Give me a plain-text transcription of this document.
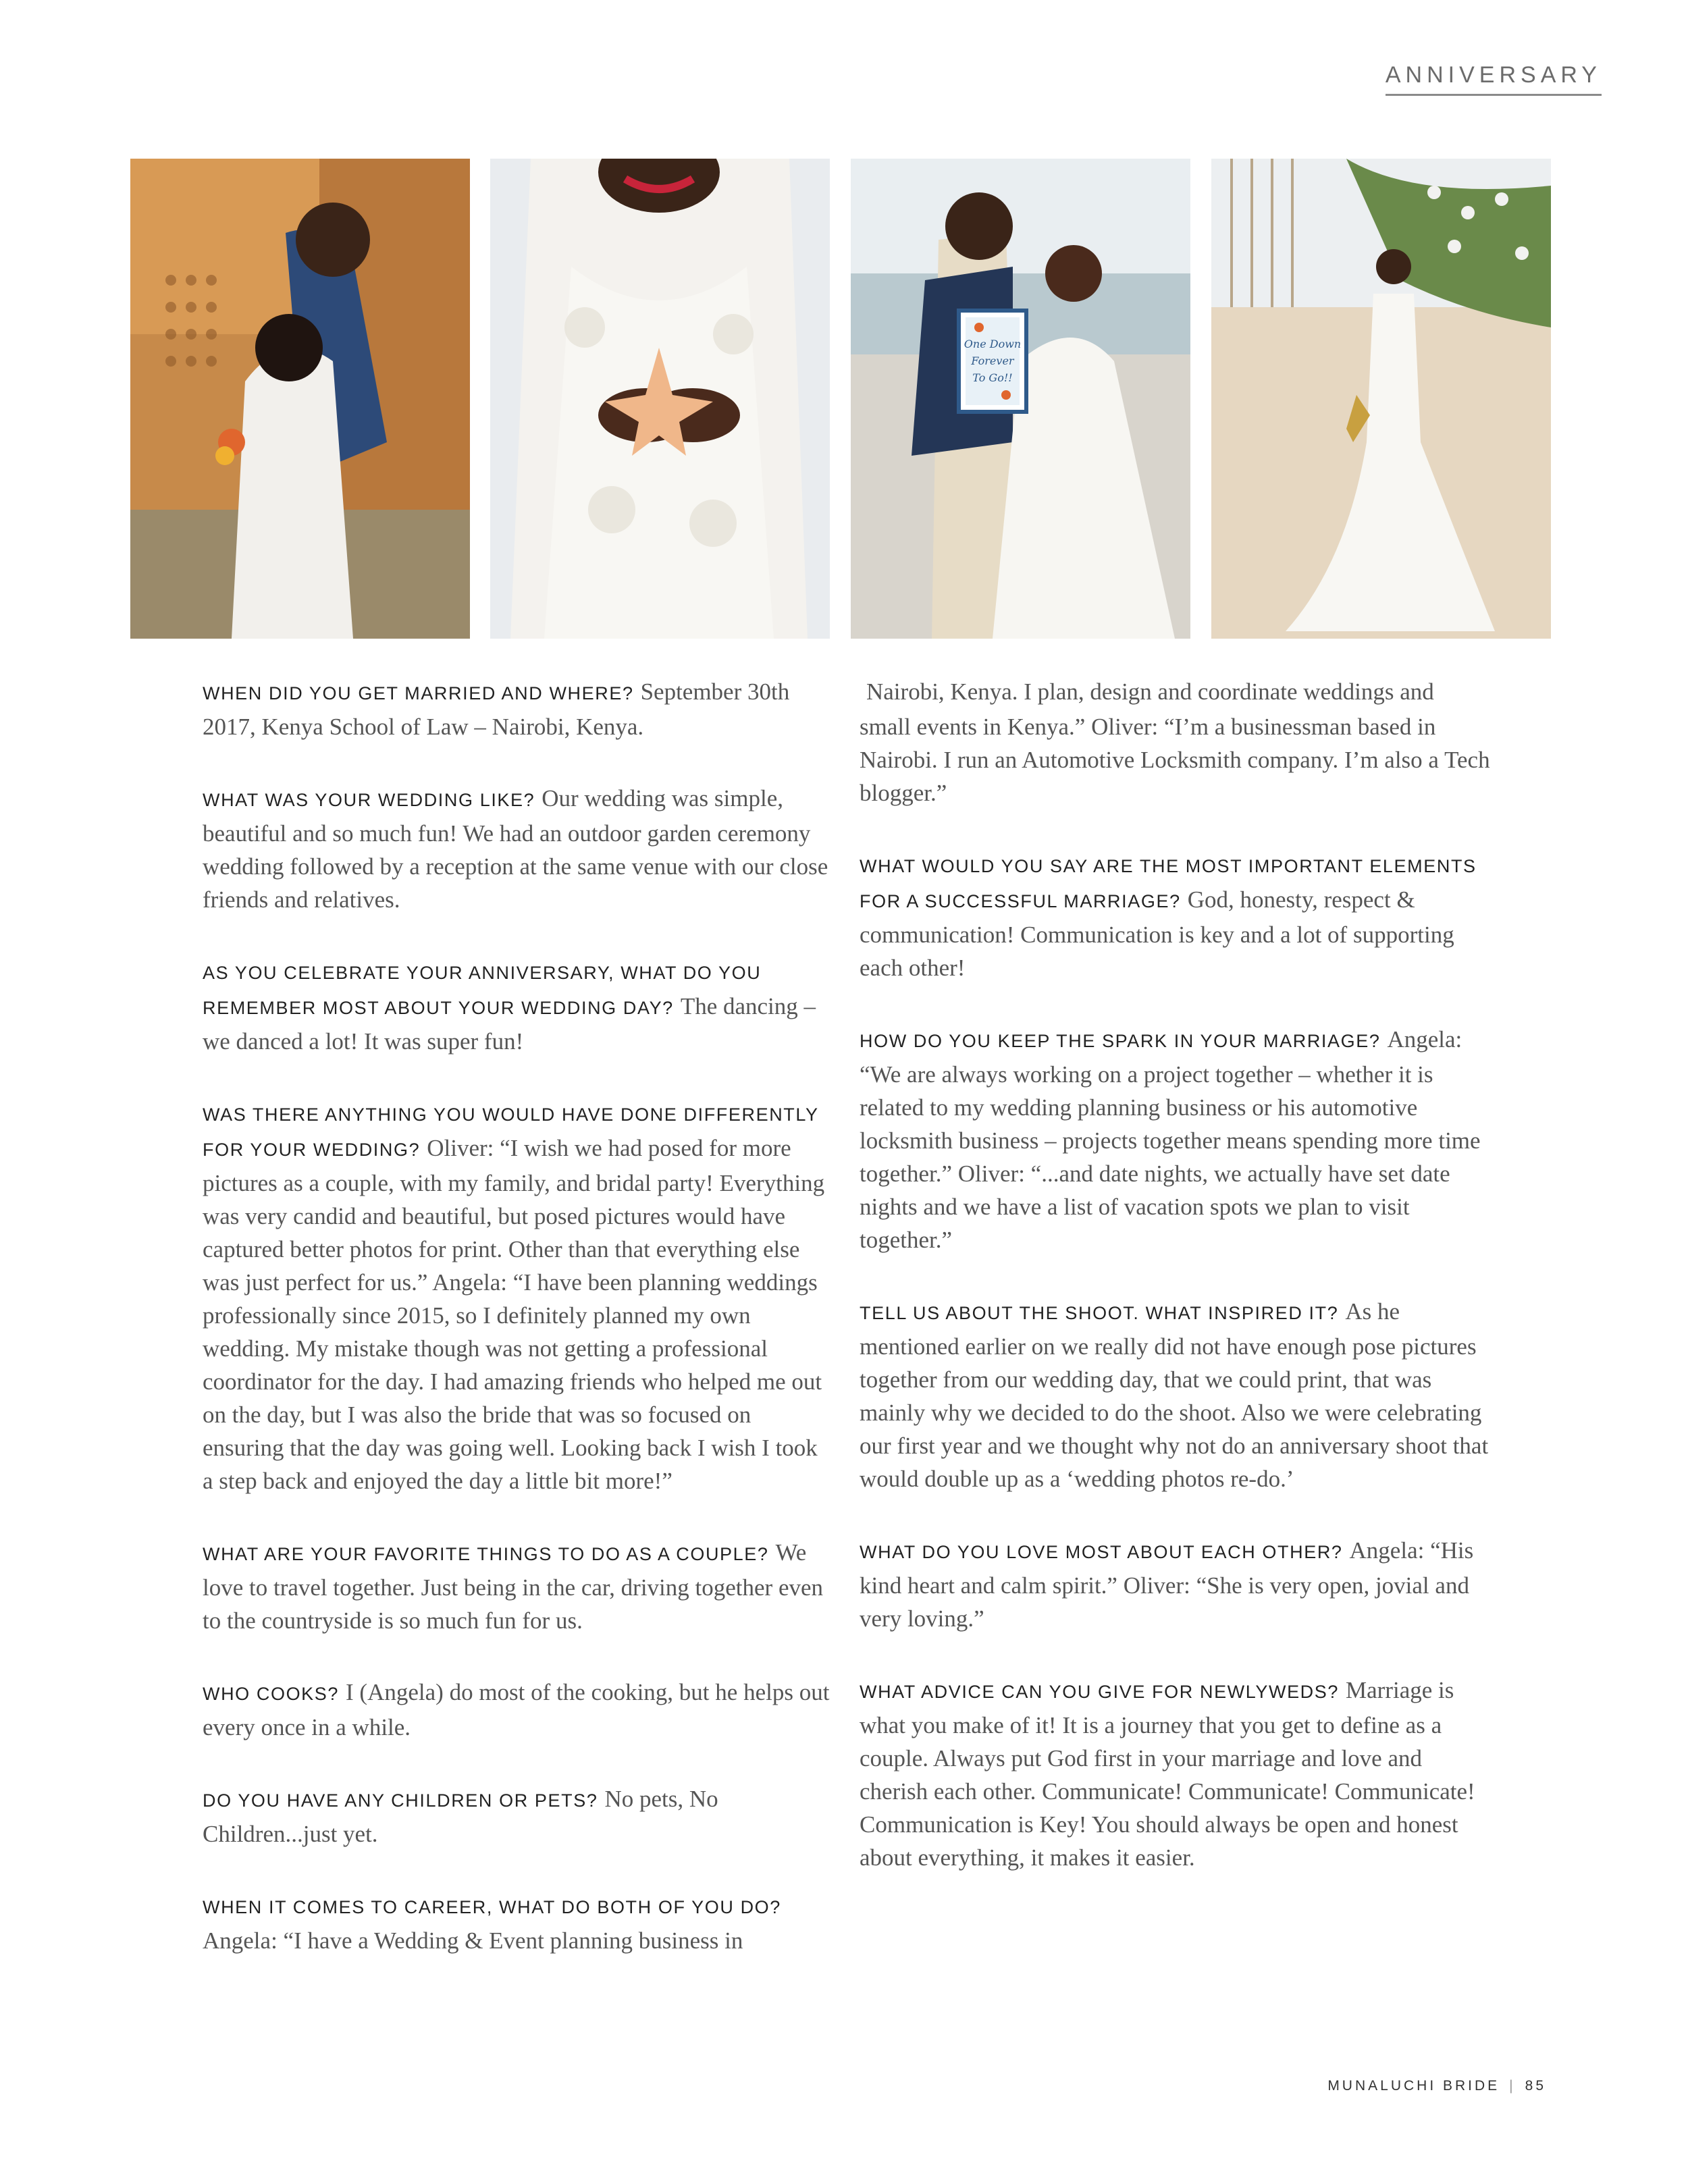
ANNIVERSARY
One Down
Forever
To Go!!

WHEN DID YOU GET MARRIED AND WHERE? September 30th 2017, Kenya School of Law – Nairobi, Kenya.

WHAT WAS YOUR WEDDING LIKE? Our wedding was simple, beautiful and so much fun! We had an outdoor garden ceremony wedding followed by a reception at the same venue with our close friends and relatives.

AS YOU CELEBRATE YOUR ANNIVERSARY, WHAT DO YOU REMEMBER MOST ABOUT YOUR WEDDING DAY? The dancing – we danced a lot! It was super fun!

WAS THERE ANYTHING YOU WOULD HAVE DONE DIFFERENTLY FOR YOUR WEDDING? Oliver: “I wish we had posed for more pictures as a couple, with my family, and bridal party! Everything was very candid and beautiful, but posed pictures would have captured better photos for print. Other than that everything else was just perfect for us.” Angela: “I have been planning weddings professionally since 2015, so I definitely planned my own wedding. My mistake though was not getting a professional coordinator for the day. I had amazing friends who helped me out on the day, but I was also the bride that was so focused on ensuring that the day was going well. Looking back I wish I took a step back and enjoyed the day a little bit more!”

WHAT ARE YOUR FAVORITE THINGS TO DO AS A COUPLE? We love to travel together. Just being in the car, driving together even to the countryside is so much fun for us.

WHO COOKS? I (Angela) do most of the cooking, but he helps out every once in a while.

DO YOU HAVE ANY CHILDREN OR PETS? No pets, No Children...just yet.

WHEN IT COMES TO CAREER, WHAT DO BOTH OF YOU DO?Angela: “I have a Wedding & Event planning business in

Nairobi, Kenya. I plan, design and coordinate weddings and small events in Kenya.” Oliver: “I’m a businessman based in Nairobi. I run an Automotive Locksmith company. I’m also a Tech blogger.”

WHAT WOULD YOU SAY ARE THE MOST IMPORTANT ELEMENTS FOR A SUCCESSFUL MARRIAGE? God, honesty, respect & communication! Communication is key and a lot of supporting each other!

HOW DO YOU KEEP THE SPARK IN YOUR MARRIAGE? Angela: “We are always working on a project together – whether it is related to my wedding planning business or his automotive locksmith business – projects together means spending more time together.” Oliver: “...and date nights, we actually have set date nights and we have a list of vacation spots we plan to visit together.”

TELL US ABOUT THE SHOOT. WHAT INSPIRED IT? As he mentioned earlier on we really did not have enough pose pictures together from our wedding day, that we could print, that was mainly why we decided to do the shoot. Also we were celebrating our first year and we thought why not do an anniversary shoot that would double up as a ‘wedding photos re-do.’

WHAT DO YOU LOVE MOST ABOUT EACH OTHER? Angela: “His kind heart and calm spirit.” Oliver: “She is very open, jovial and very loving.”

WHAT ADVICE CAN YOU GIVE FOR NEWLYWEDS? Marriage is what you make of it! It is a journey that you get to define as a couple. Always put God first in your marriage and love and cherish each other. Communicate! Communicate! Communicate! Communication is Key! You should always be open and honest about everything, it makes it easier.

MUNALUCHI BRIDE | 85
